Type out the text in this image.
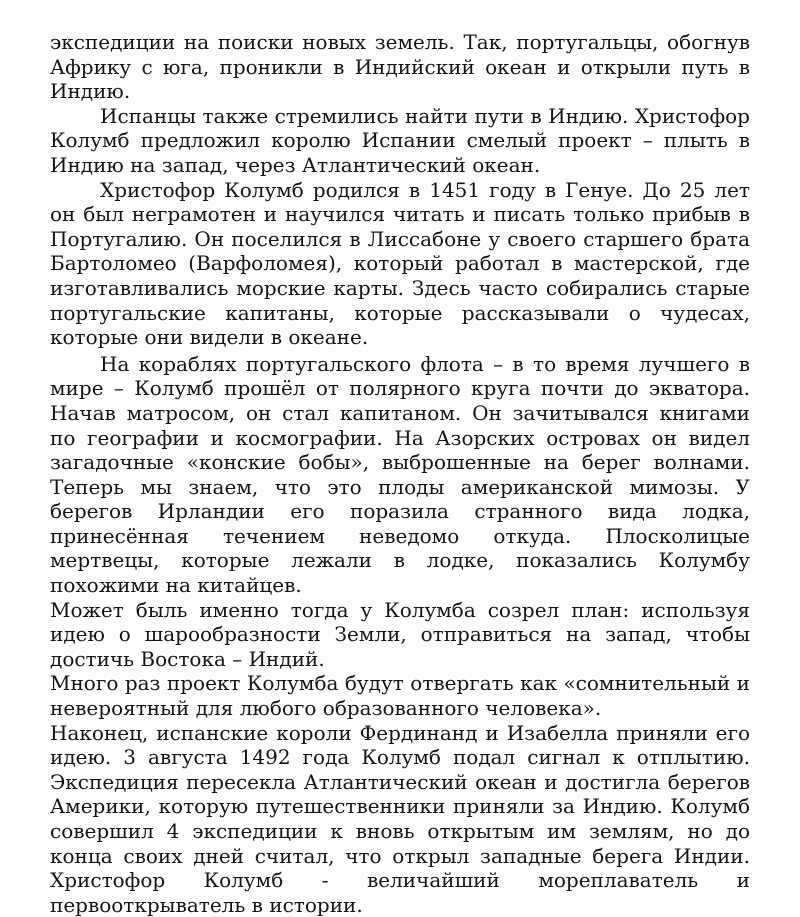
экспедиции на поиски новых земель. Так, португальцы, обогнув Африку с юга, проникли в Индийский океан и открыли путь в Индию.

Испанцы также стремились найти пути в Индию. Христофор Колумб предложил королю Испании смелый проект – плыть в Индию на запад, через Атлантический океан.

Христофор Колумб родился в 1451 году в Генуе. До 25 лет он был неграмотен и научился читать и писать только прибыв в Португалию. Он поселился в Лиссабоне у своего старшего брата Бартоломео (Варфоломея), который работал в мастерской, где изготавливались морские карты. Здесь часто собирались старые португальские капитаны, которые рассказывали о чудесах, которые они видели в океане.

На кораблях португальского флота – в то время лучшего в мире – Колумб прошёл от полярного круга почти до экватора. Начав матросом, он стал капитаном. Он зачитывался книгами по географии и космографии. На Азорских островах он видел загадочные «конские бобы», выброшенные на берег волнами. Теперь мы знаем, что это плоды американской мимозы. У берегов Ирландии его поразила странного вида лодка, принесённая течением неведомо откуда. Плосколицые мертвецы, которые лежали в лодке, показались Колумбу похожими на китайцев.

Может быль именно тогда у Колумба созрел план: используя идею о шарообразности Земли, отправиться на запад, чтобы достичь Востока – Индий.

Много раз проект Колумба будут отвергать как «сомнительный и невероятный для любого образованного человека».

Наконец, испанские короли Фердинанд и Изабелла приняли его идею. 3 августа 1492 года Колумб подал сигнал к отплытию. Экспедиция пересекла Атлантический океан и достигла берегов Америки, которую путешественники приняли за Индию. Колумб совершил 4 экспедиции к вновь открытым им землям, но до конца своих дней считал, что открыл западные берега Индии. Христофор Колумб - величайший мореплаватель и первооткрыватель в истории.
